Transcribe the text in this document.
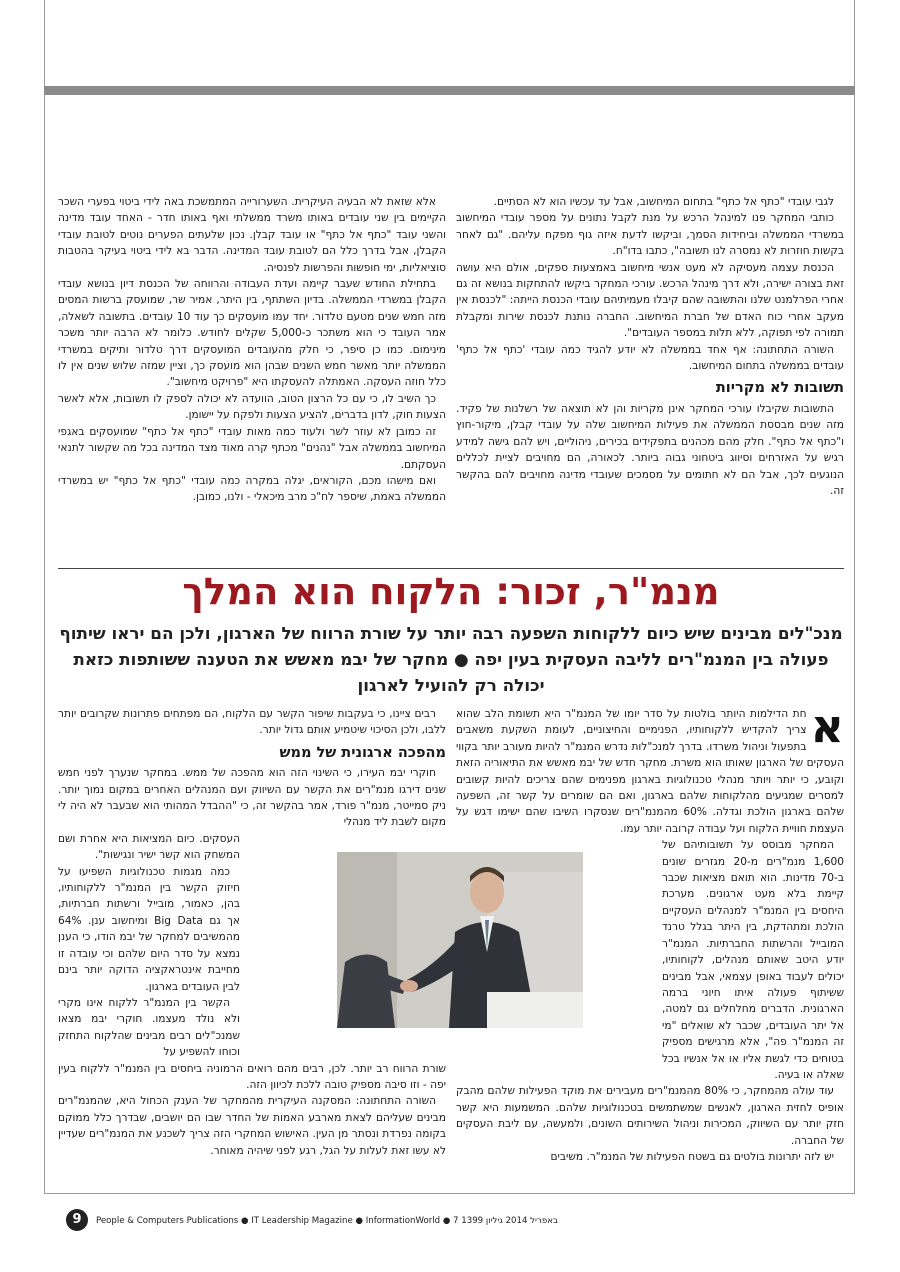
לגבי עובדי "כתף אל כתף" בתחום המיחשוב, אבל עד עכשיו הוא לא הסתיים.

כותבי המחקר פנו למינהל הרכש על מנת לקבל נתונים על מספר עובדי המיחשוב במשרדי הממשלה וביחידות הסמך, וביקשו לדעת איזה גוף מפקח עליהם. "גם לאחר בקשות חוזרות לא נמסרה לנו תשובה", כתבו בדו"ח.

הכנסת עצמה מעסיקה לא מעט אנשי מיחשוב באמצעות ספקים, אולם היא עושה זאת בצורה ישירה, ולא דרך מינהל הרכש. עורכי המחקר ביקשו להתחקות בנושא זה גם אחרי הפרלמנט שלנו והתשובה שהם קיבלו מעמיתיהם עובדי הכנסת הייתה: "לכנסת אין מעקב אחרי כוח האדם של חברת המיחשוב. החברה נותנת לכנסת שירות ומקבלת תמורה לפי תפוקה, ללא תלות במספר העובדים".

השורה התחתונה: אף אחד בממשלה לא יודע להגיד כמה עובדי 'כתף אל כתף' עובדים בממשלה בתחום המיחשוב.

תשובות לא מקריות

התשובות שקיבלו עורכי המחקר אינן מקריות והן לא תוצאה של רשלנות של פקיד. מזה שנים מבססת הממשלה את פעילות המיחשוב שלה על עובדי קבלן, מיקור-חוץ ו"כתף אל כתף". חלק מהם מכהנים בתפקידים בכירים, ניהוליים, ויש להם גישה למידע רגיש על האזרחים וסיווג ביטחוני גבוה ביותר. לכאורה, הם מחויבים לציית לכללים הנוגעים לכך, אבל הם לא חתומים על מסמכים שעובדי מדינה מחויבים להם בהקשר זה.

אלא שזאת לא הבעיה העיקרית. השערורייה המתמשכת באה לידי ביטוי בפערי השכר הקיימים בין שני עובדים באותו משרד ממשלתי ואף באותו חדר - האחד עובד מדינה והשני עובד "כתף אל כתף" או עובד קבלן. נכון שלעתים הפערים נוטים לטובת עובדי הקבלן, אבל בדרך כלל הם לטובת עובד המדינה. הדבר בא לידי ביטוי בעיקר בהטבות סוציאליות, ימי חופשות והפרשות לפנסיה.

בתחילת החודש שעבר קיימה ועדת העבודה והרווחה של הכנסת דיון בנושא עובדי הקבלן במשרדי הממשלה. בדיון השתתף, בין היתר, אמיר שר, שמועסק ברשות המסים מזה חמש שנים מטעם טלדור. יחד עמו מועסקים כך עוד 10 עובדים. בתשובה לשאלה, אמר העובד כי הוא משתכר כ-5,000 שקלים לחודש. כלומר לא הרבה יותר משכר מינימום. כמו כן סיפר, כי חלק מהעובדים המועסקים דרך טלדור ותיקים במשרדי הממשלה יותר מאשר חמש השנים שבהן הוא מועסק כך, וציין שמזה שלוש שנים אין לו כלל חוזה העסקה. האמתלה להעסקתו היא "פרויקט מיחשוב".

כך השיב לו, כי עם כל הרצון הטוב, הוועדה לא יכולה לספק לו תשובות, אלא לאשר הצעות חוק, לדון בדברים, להציע הצעות ולפקח על יישומן.

זה כמובן לא עוזר לשר ולעוד כמה מאות עובדי "כתף אל כתף" שמועסקים באגפי המיחשוב בממשלה אבל "נהנים" מכתף קרה מאוד מצד המדינה בכל מה שקשור לתנאי העסקתם.

ואם מישהו מכם, הקוראים, יגלה במקרה כמה עובדי "כתף אל כתף" יש במשרדי הממשלה באמת, שיספר לח"כ מרב מיכאלי - ולנו, כמובן.

מנמ"ר, זכור: הלקוח הוא המלך
מנכ"לים מבינים שיש כיום ללקוחות השפעה רבה יותר על שורת הרווח של הארגון, ולכן הם יראו שיתוף
פעולה בין המנמ"רים לליבה העסקית בעין יפה ● מחקר של יבמ מאשש את הטענה ששותפות כזאת
יכולה רק להועיל לארגון
א

חת הדילמות היותר בולטות על סדר יומו של המנמ"ר היא תשומת הלב שהוא צריך להקדיש ללקוחותיו, הפנימיים והחיצוניים, לעומת השקעת משאבים בתפעול וניהול משרדו. בדרך למנכ"לות נדרש המנמ"ר להיות מעורב יותר בקווי העסקים של הארגון שאותו הוא משרת. מחקר חדש של יבמ מאשש את התיאוריה הזאת וקובע, כי יותר ויותר מנהלי טכנולוגיות בארגון מפנימים שהם צריכים להיות קשובים למסרים שמגיעים מהלקוחות שלהם בארגון, ואם הם שומרים על קשר זה, השפעה שלהם בארגון הולכת וגדלה. 60% מהמנמ"רים שנסקרו השיבו שהם ישימו דגש על העצמת חוויית הלקוח ועל עבודה קרובה יותר עמו.

המחקר מבוסס על תשובותיהם של 1,600 מנמ"רים מ-20 מגזרים שונים ב-70 מדינות. הוא תואם מציאות שכבר קיימת בלא מעט ארגונים. מערכת היחסים בין המנמ"ר למנהלים העסקיים הולכת ומתהדקת, בין היתר בגלל טרנד המובייל והרשתות החברתיות. המנמ"ר יודע היטב שאותם מנהלים, לקוחותיו, יכולים לעבוד באופן עצמאי, אבל מבינים ששיתוף פעולה איתו חיוני ברמה הארגונית. הדברים מחלחלים גם למטה, אל יתר העובדים, שכבר לא שואלים "מי זה המנמ"ר פה", אלא מרגישים מספיק בטוחים כדי לגשת אליו או אל אנשיו בכל שאלה או בעיה.

עוד עולה מהמחקר, כי 80% מהמנמ"רים מעבירים את מוקד הפעילות שלהם מהבק אופיס לחזית הארגון, לאנשים שמשתמשים בטכנולוגיות שלהם. המשמעות היא קשר חזק יותר עם השיווק, המכירות וניהול השירותים השונים, ולמעשה, עם ליבת העסקים של החברה.

יש לזה יתרונות בולטים גם בשטח הפעילות של המנמ"ר. משיבים

רבים ציינו, כי בעקבות שיפור הקשר עם הלקוח, הם מפתחים פתרונות שקרובים יותר ללבו, ולכן הסיכוי שיטמיע אותם גדול יותר.

מהפכה ארגונית של ממש

חוקרי יבמ העירו, כי השינוי הזה הוא מהפכה של ממש. במחקר שנערך לפני חמש שנים דירגו מנמ"רים את הקשר עם השיווק ועם המנהלים האחרים במקום נמוך יותר. ניק סמייטר, מנמ"ר פורד, אמר בהקשר זה, כי "ההבדל המהותי הוא שבעבר לא היה לי מקום לשבת ליד מנהלי

העסקים. כיום המציאות היא אחרת ושם המשחק הוא קשר ישיר ונגישות".

כמה מגמות טכנולוגיות השפיעו על חיזוק הקשר בין המנמ"ר ללקוחותיו, בהן, כאמור, מובייל ורשתות חברתיות, אך גם Big Data ומיחשוב ענן. 64% מהמשיבים למחקר של יבמ הודו, כי הענן נמצא על סדר היום שלהם וכי עובדה זו מחייבת אינטראקציה הדוקה יותר בינם לבין העובדים בארגון.

הקשר בין המנמ"ר ללקוח אינו מקרי ולא נולד מעצמו. חוקרי יבמ מצאו שמנכ"לים רבים מבינים שהלקוח התחזק וכוחו להשפיע על

שורת הרווח רב יותר. לכן, רבים מהם רואים הרמוניה ביחסים בין המנמ"ר ללקוח בעין יפה - וזו סיבה מספיק טובה ללכת לכיוון הזה.

השורה התחתונה: המסקנה העיקרית מהמחקר של הענק הכחול היא, שהמנמ"רים מבינים שעליהם לצאת מארבע האמות של החדר שבו הם יושבים, שבדרך כלל ממוקם בקומה נפרדת ונסתר מן העין. האישוש המחקרי הזה צריך לשכנע את המנמ"רים שעדיין לא עשו זאת לעלות על הגל, רגע לפני שיהיה מאוחר.

9	People & Computers Publications ● IT Leadership Magazine ● InformationWorld ● 7 באפריל 2014 גיליון 1399
